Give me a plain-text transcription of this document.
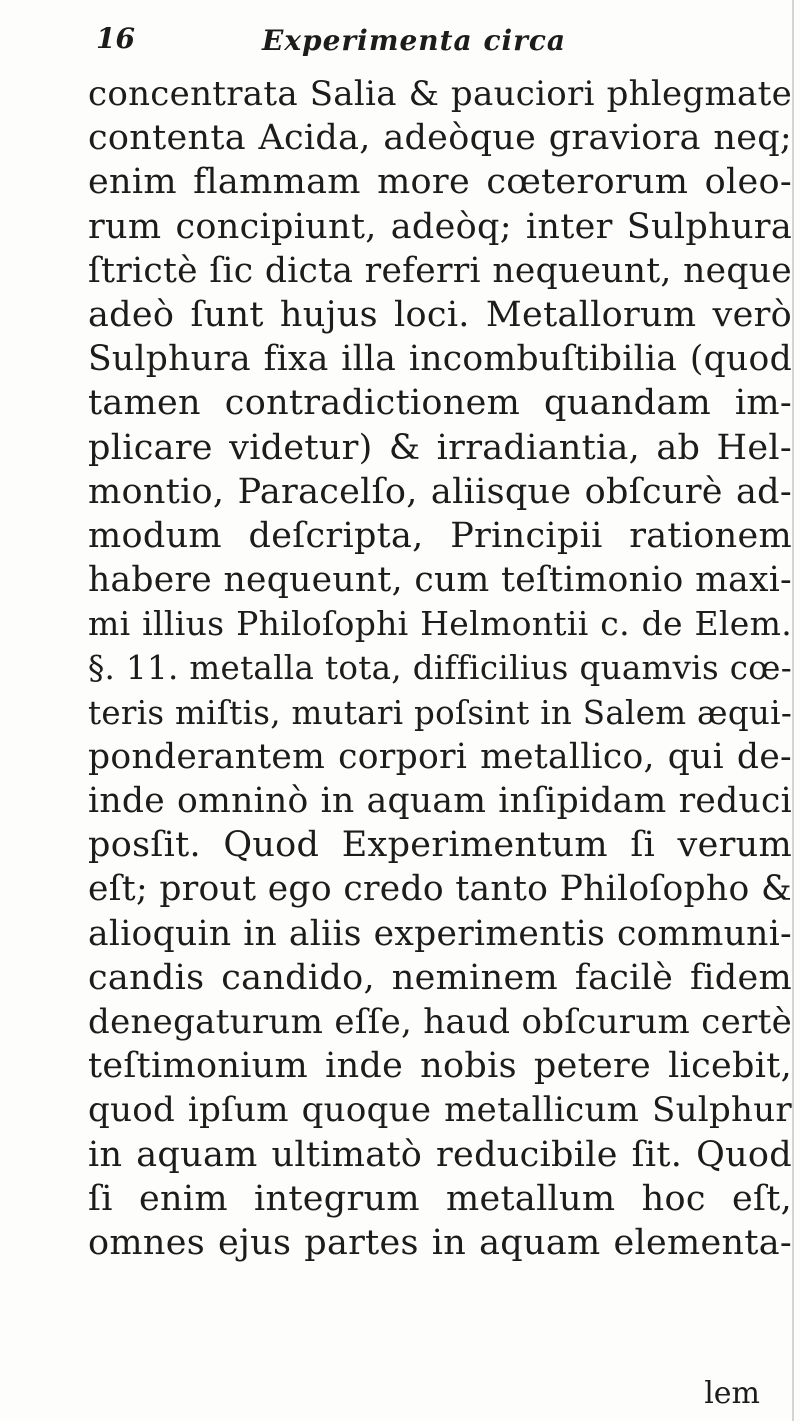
16	Experimenta circa
concentrata Salia & pauciori phlegmate
contenta Acida, adeòque graviora neq;
enim flammam more cœterorum oleo-
rum concipiunt, adeòq; inter Sulphura
ſtrictè ſic dicta referri nequeunt, neque
adeò ſunt hujus loci. Metallorum verò
Sulphura fixa illa incombuſtibilia (quod
tamen contradictionem quandam im-
plicare videtur) & irradiantia, ab Hel-
montio, Paracelſo, aliisque obſcurè ad-
modum deſcripta, Principii rationem
habere nequeunt, cum teſtimonio maxi-
mi illius Philoſophi Helmontii c. de Elem.
§. 11. metalla tota, difficilius quamvis cœ-
teris miſtis, mutari poſsint in Salem æqui-
ponderantem corpori metallico, qui de-
inde omninò in aquam inſipidam reduci
posſit. Quod Experimentum ſi verum
eſt; prout ego credo tanto Philoſopho &
alioquin in aliis experimentis communi-
candis candido, neminem facilè fidem
denegaturum eſſe, haud obſcurum certè
teſtimonium inde nobis petere licebit,
quod ipſum quoque metallicum Sulphur
in aquam ultimatò reducibile ſit. Quod
ſi enim integrum metallum hoc eſt,
omnes ejus partes in aquam elementa-
lem
